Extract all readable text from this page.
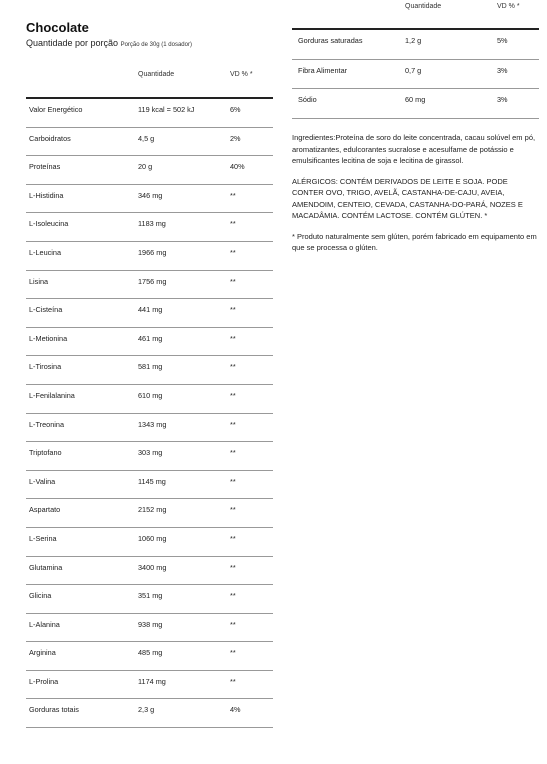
Chocolate
Quantidade por porção Porção de 30g (1 dosador)
Quantidade	VD % *
Valor Energético	119 kcal = 502 kJ	6%
Carboidratos	4,5 g	2%
Proteínas	20 g	40%
L-Histidina	346 mg	**
L-Isoleucina	1183 mg	**
L-Leucina	1966 mg	**
Lisina	1756 mg	**
L-Cisteína	441 mg	**
L-Metionina	461 mg	**
L-Tirosina	581 mg	**
L-Fenilalanina	610 mg	**
L-Treonina	1343 mg	**
Triptofano	303 mg	**
L-Valina	1145 mg	**
Aspartato	2152 mg	**
L-Serina	1060 mg	**
Glutamina	3400 mg	**
Glicina	351 mg	**
L-Alanina	938 mg	**
Arginina	485 mg	**
L-Prolina	1174 mg	**
Gorduras totais	2,3 g	4%
Quantidade	VD % *
Gorduras saturadas	1,2 g	5%
Fibra Alimentar	0,7 g	3%
Sódio	60 mg	3%

Ingredientes:Proteína de soro do leite concentrada, cacau solúvel em pó, aromatizantes, edulcorantes sucralose e acesulfame de potássio e emulsificantes lecitina de soja e lecitina de girassol.

ALÉRGICOS: CONTÉM DERIVADOS DE LEITE E SOJA. PODE CONTER OVO, TRIGO, AVELÃ, CASTANHA-DE-CAJU, AVEIA, AMENDOIM, CENTEIO, CEVADA, CASTANHA-DO-PARÁ, NOZES E MACADÂMIA. CONTÉM LACTOSE. CONTÉM GLÚTEN. *

* Produto naturalmente sem glúten, porém fabricado em equipamento em que se processa o glúten.
